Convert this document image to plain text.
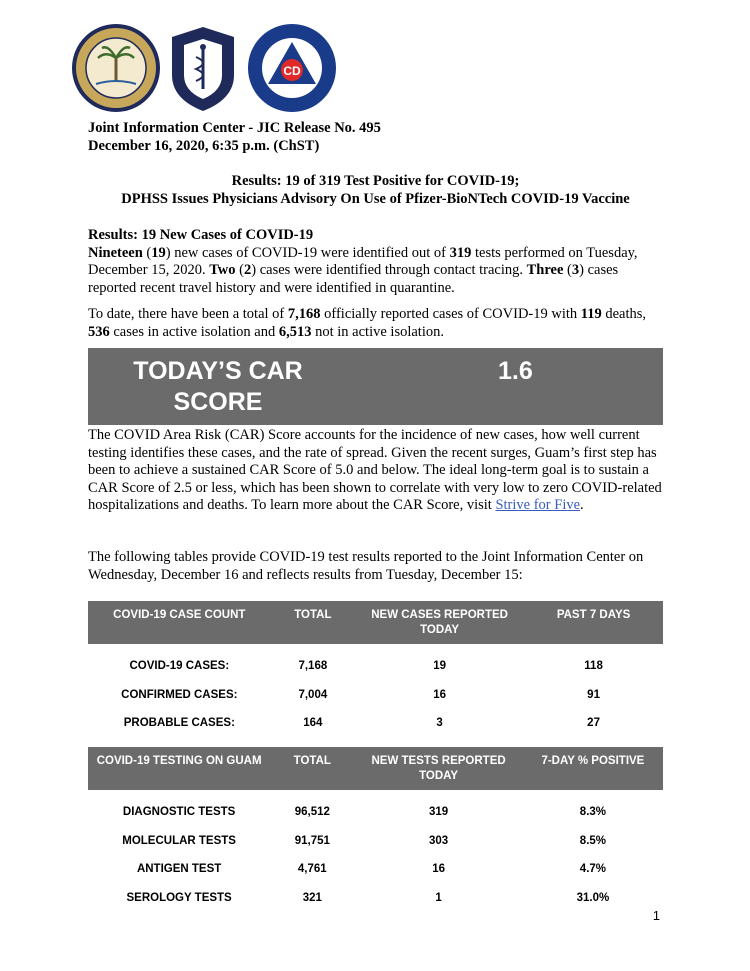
CD
Joint Information Center - JIC Release No. 495
December 16, 2020, 6:35 p.m. (ChST)
Results: 19 of 319 Test Positive for COVID-19;
DPHSS Issues Physicians Advisory On Use of Pfizer-BioNTech COVID-19 Vaccine
Results: 19 New Cases of COVID-19
Nineteen (19) new cases of COVID-19 were identified out of 319 tests performed on Tuesday, December 15, 2020. Two (2) cases were identified through contact tracing. Three (3) cases reported recent travel history and were identified in quarantine.
To date, there have been a total of 7,168 officially reported cases of COVID-19 with 119 deaths, 536 cases in active isolation and 6,513 not in active isolation.
TODAY’S CAR
SCORE
1.6
The COVID Area Risk (CAR) Score accounts for the incidence of new cases, how well current testing identifies these cases, and the rate of spread. Given the recent surges, Guam’s first step has been to achieve a sustained CAR Score of 5.0 and below. The ideal long-term goal is to sustain a CAR Score of 2.5 or less, which has been shown to correlate with very low to zero COVID-related hospitalizations and deaths. To learn more about the CAR Score, visit Strive for Five.
The following tables provide COVID-19 test results reported to the Joint Information Center on Wednesday, December 16 and reflects results from Tuesday, December 15:
COVID-19 CASE COUNT	TOTAL	NEW CASES REPORTED TODAY	PAST 7 DAYS
COVID-19 CASES:	7,168	19	118
CONFIRMED CASES:	7,004	16	91
PROBABLE CASES:	164	3	27
COVID-19 TESTING ON GUAM	TOTAL	NEW TESTS REPORTED TODAY	7-DAY % POSITIVE
DIAGNOSTIC TESTS	96,512	319	8.3%
MOLECULAR TESTS	91,751	303	8.5%
ANTIGEN TEST	4,761	16	4.7%
SEROLOGY TESTS	321	1	31.0%
1
